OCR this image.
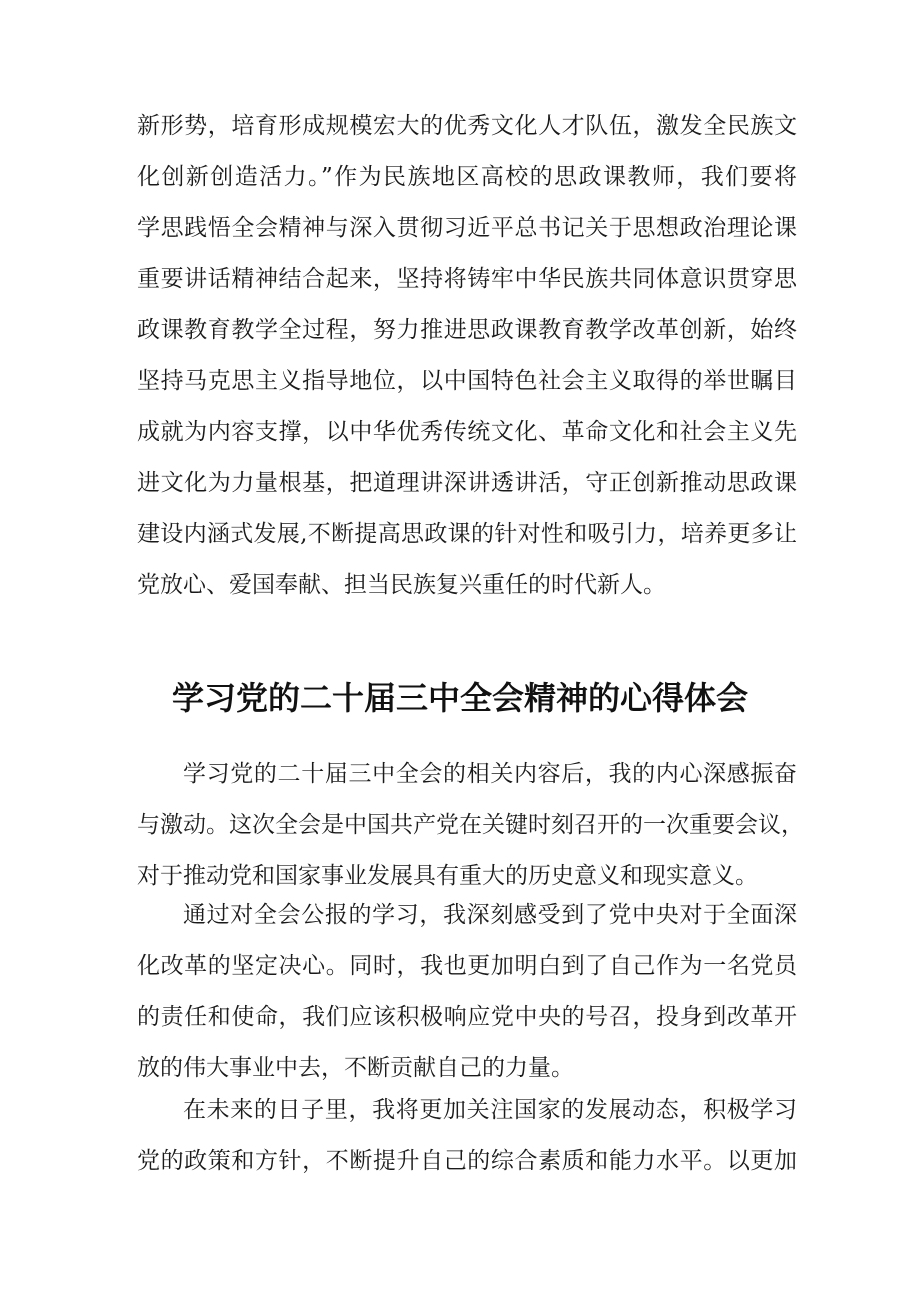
新形势，培育形成规模宏大的优秀文化人才队伍，激发全民族文
化创新创造活力。”作为民族地区高校的思政课教师，我们要将
学思践悟全会精神与深入贯彻习近平总书记关于思想政治理论课
重要讲话精神结合起来，坚持将铸牢中华民族共同体意识贯穿思
政课教育教学全过程，努力推进思政课教育教学改革创新，始终
坚持马克思主义指导地位，以中国特色社会主义取得的举世瞩目
成就为内容支撑，以中华优秀传统文化、革命文化和社会主义先
进文化为力量根基，把道理讲深讲透讲活，守正创新推动思政课
建设内涵式发展,不断提高思政课的针对性和吸引力，培养更多让
党放心、爱国奉献、担当民族复兴重任的时代新人。
学习党的二十届三中全会精神的心得体会
学习党的二十届三中全会的相关内容后，我的内心深感振奋
与激动。这次全会是中国共产党在关键时刻召开的一次重要会议，
对于推动党和国家事业发展具有重大的历史意义和现实意义。
通过对全会公报的学习，我深刻感受到了党中央对于全面深
化改革的坚定决心。同时，我也更加明白到了自己作为一名党员
的责任和使命，我们应该积极响应党中央的号召，投身到改革开
放的伟大事业中去，不断贡献自己的力量。
在未来的日子里，我将更加关注国家的发展动态，积极学习
党的政策和方针，不断提升自己的综合素质和能力水平。以更加
